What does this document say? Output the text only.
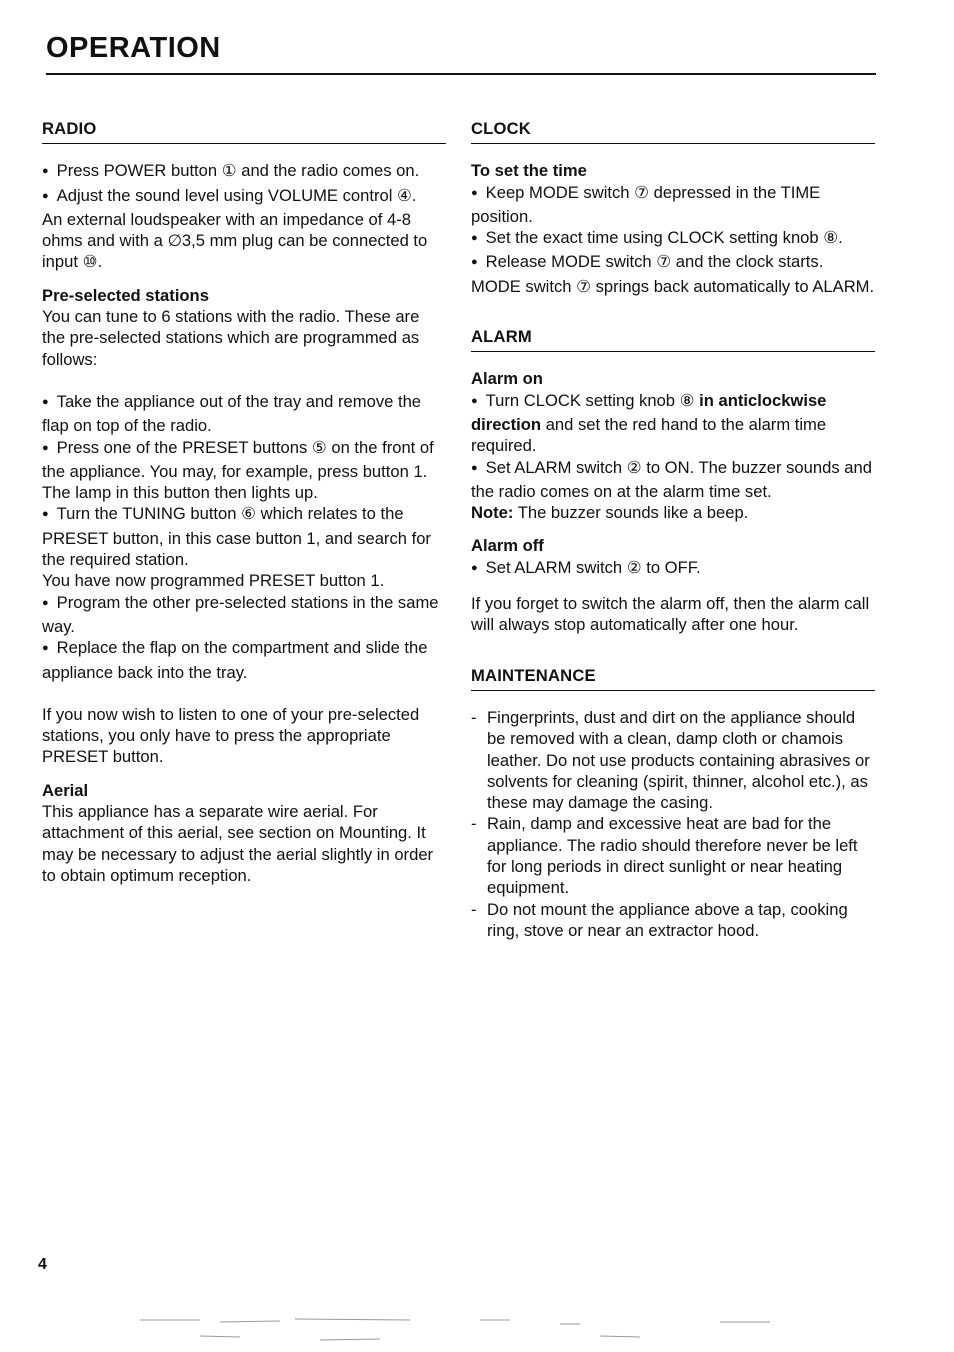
OPERATION
RADIO

● Press POWER button ① and the radio comes on.

● Adjust the sound level using VOLUME control ④.

An external loudspeaker with an impedance of 4-8 ohms and with a ∅3,5 mm plug can be connected to input ⑩.

Pre-selected stations

You can tune to 6 stations with the radio. These are the pre-selected stations which are programmed as follows:

● Take the appliance out of the tray and remove the flap on top of the radio.

● Press one of the PRESET buttons ⑤ on the front of the appliance. You may, for example, press button 1. The lamp in this button then lights up.

● Turn the TUNING button ⑥ which relates to the PRESET button, in this case button 1, and search for the required station.

You have now programmed PRESET button 1.

● Program the other pre-selected stations in the same way.

● Replace the flap on the compartment and slide the appliance back into the tray.

If you now wish to listen to one of your pre-selected stations, you only have to press the appropriate PRESET button.

Aerial

This appliance has a separate wire aerial. For attachment of this aerial, see section on Mounting. It may be necessary to adjust the aerial slightly in order to obtain optimum reception.

CLOCK

To set the time

● Keep MODE switch ⑦ depressed in the TIME position.

● Set the exact time using CLOCK setting knob ⑧.

● Release MODE switch ⑦ and the clock starts. MODE switch ⑦ springs back automatically to ALARM.

ALARM

Alarm on

● Turn CLOCK setting knob ⑧ in anticlockwise direction and set the red hand to the alarm time required.

● Set ALARM switch ② to ON. The buzzer sounds and the radio comes on at the alarm time set.

Note: The buzzer sounds like a beep.

Alarm off

● Set ALARM switch ② to OFF.

If you forget to switch the alarm off, then the alarm call will always stop automatically after one hour.

MAINTENANCE

- Fingerprints, dust and dirt on the appliance should be removed with a clean, damp cloth or chamois leather. Do not use products containing abrasives or solvents for cleaning (spirit, thinner, alcohol etc.), as these may damage the casing.

- Rain, damp and excessive heat are bad for the appliance. The radio should therefore never be left for long periods in direct sunlight or near heating equipment.

- Do not mount the appliance above a tap, cooking ring, stove or near an extractor hood.

4
